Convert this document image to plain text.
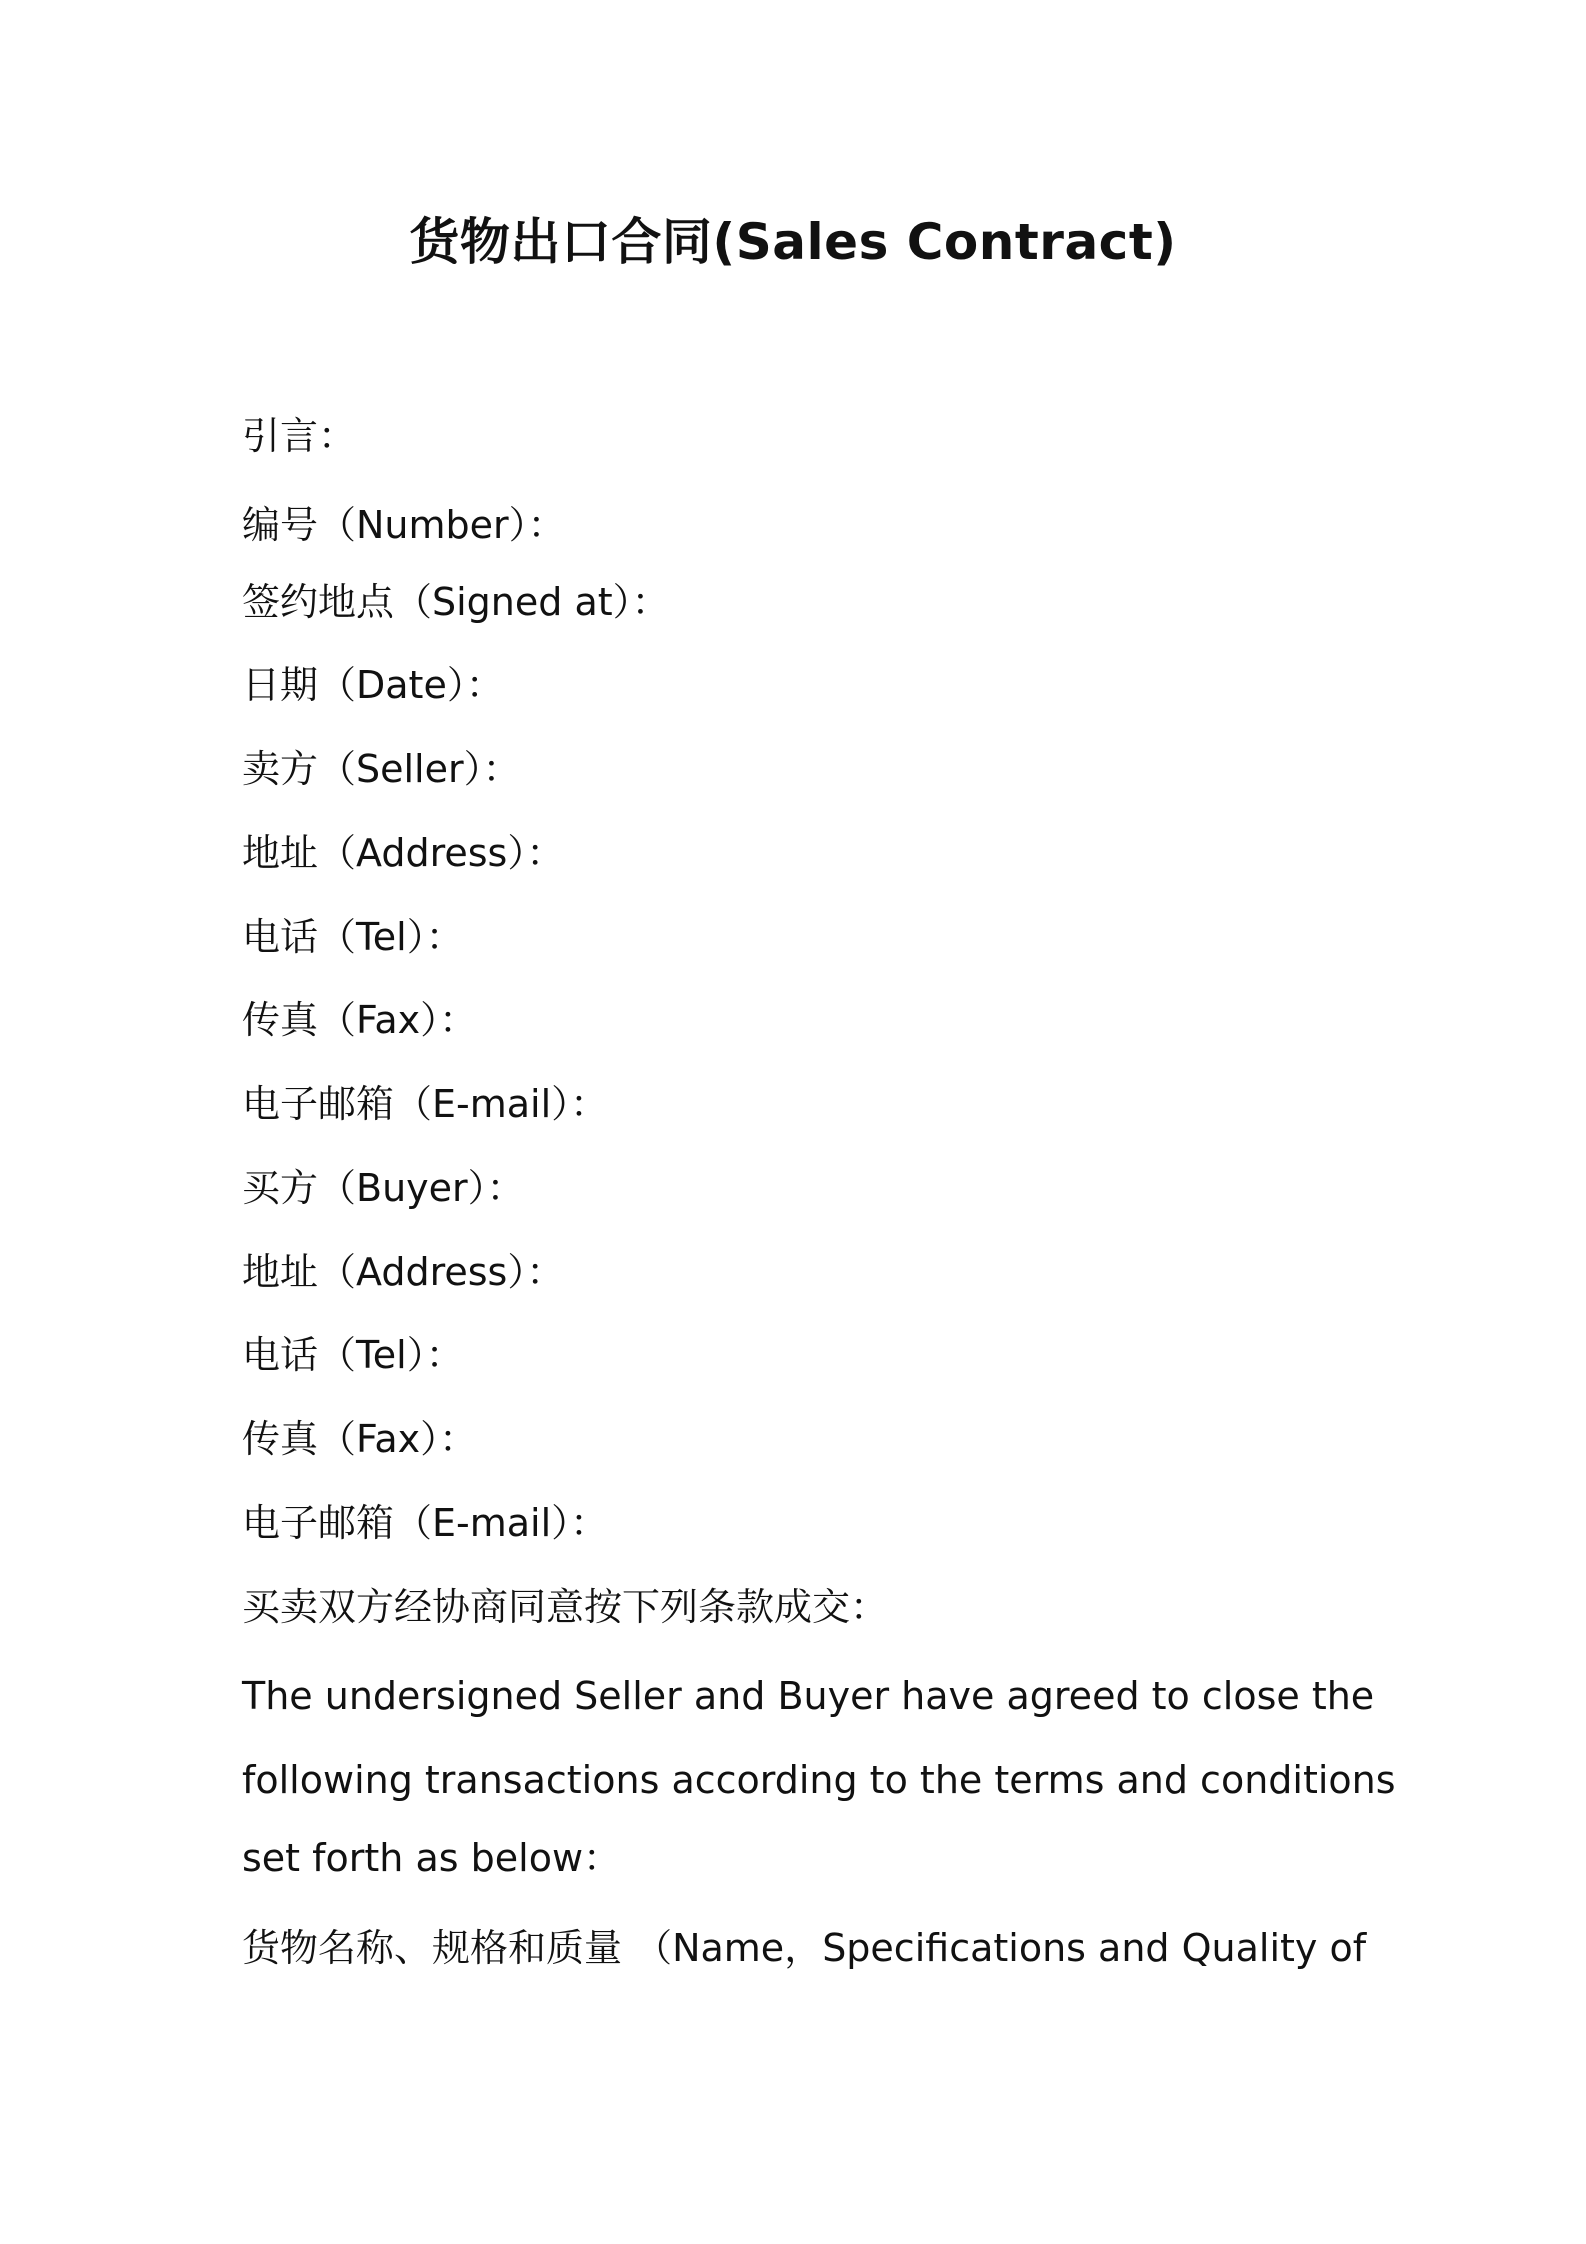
货物出口合同(Sales Contract)
引言：
编号（Number）：
签约地点（Signed at）：
日期（Date）：
卖方（Seller）：
地址（Address）：
电话（Tel）：
传真（Fax）：
电子邮箱（E-mail）：
买方（Buyer）：
地址（Address）：
电话（Tel）：
传真（Fax）：
电子邮箱（E-mail）：
买卖双方经协商同意按下列条款成交：
The undersigned Seller and Buyer have agreed to close the
following transactions according to the terms and conditions
set forth as below：
货物名称、规格和质量 （Name，Specifications and Quality of
